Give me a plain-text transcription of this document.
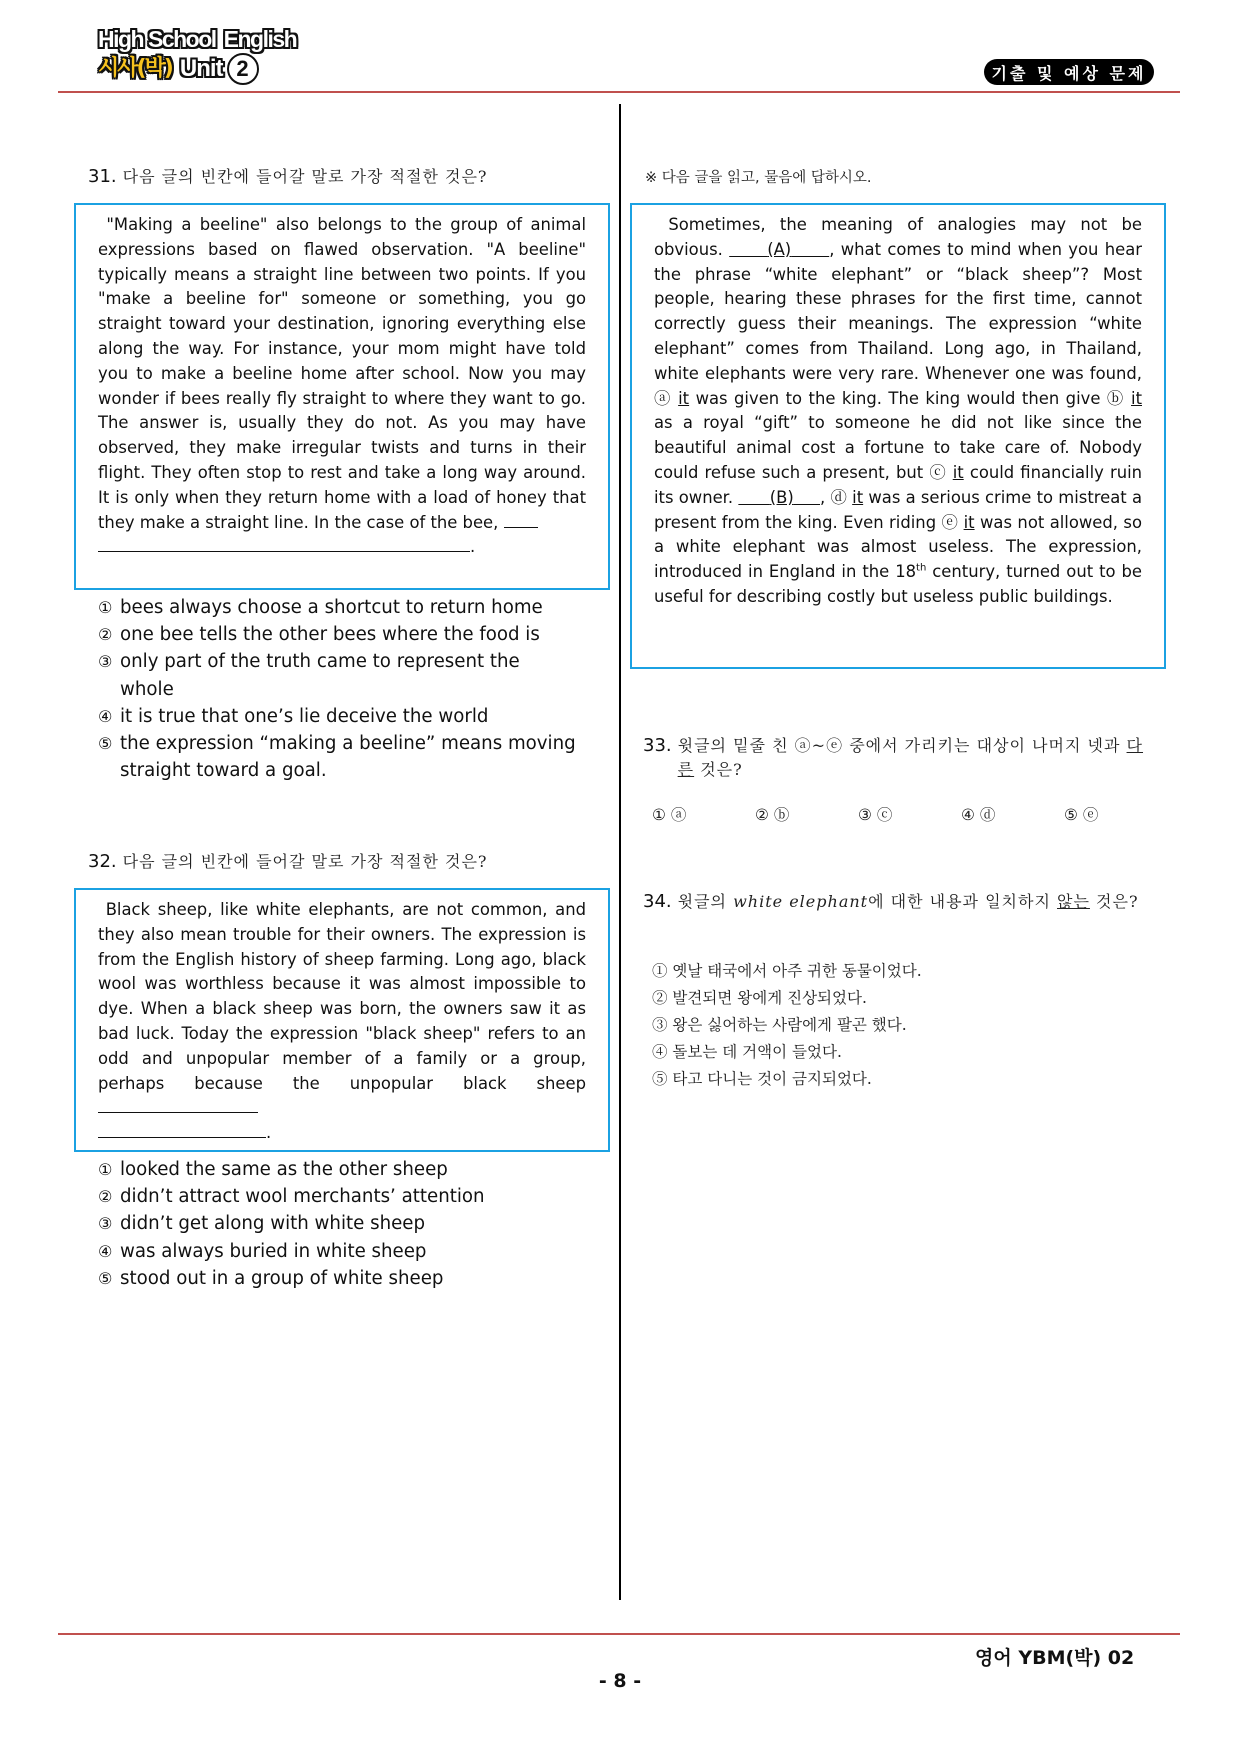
High School English
시사(박) Unit 2	기출 및 예상 문제
31. 다음 글의 빈칸에 들어갈 말로 가장 적절한 것은?

"Making a beeline" also belongs to the group of animal expressions based on flawed observation. "A beeline" typically means a straight line between two points. If you "make a beeline for" someone or something, you go straight toward your destination, ignoring everything else along the way. For instance, your mom might have told you to make a beeline home after school. Now you may wonder if bees really fly straight to where they want to go. The answer is, usually they do not. As you may have observed, they make irregular twists and turns in their flight. They often stop to rest and take a long way around. It is only when they return home with a load of honey that they make a straight line. In the case of the bee,
.

① bees always choose a shortcut to return home
② one bee tells the other bees where the food is
③ only part of the truth came to represent the whole
④ it is true that one’s lie deceive the world
⑤ the expression “making a beeline” means moving straight toward a goal.
32. 다음 글의 빈칸에 들어갈 말로 가장 적절한 것은?

Black sheep, like white elephants, are not common, and they also mean trouble for their owners. The expression is from the English history of sheep farming. Long ago, black wool was worthless because it was almost impossible to dye. When a black sheep was born, the owners saw it as bad luck. Today the expression "black sheep" refers to an odd and unpopular member of a family or a group, perhaps because the unpopular black sheep
.

① looked the same as the other sheep
② didn’t attract wool merchants’ attention
③ didn’t get along with white sheep
④ was always buried in white sheep
⑤ stood out in a group of white sheep
※ 다음 글을 읽고, 물음에 답하시오.

Sometimes, the meaning of analogies may not be obvious.	(A) , what comes to mind when you hear the phrase “white elephant” or “black sheep”? Most people, hearing these phrases for the first time, cannot correctly guess their meanings. The expression “white elephant” comes from Thailand. Long ago, in Thailand, white elephants were very rare. Whenever one was found, ⓐ it was given to the king. The king would then give ⓑ it as a royal “gift” to someone he did not like since the beautiful animal cost a fortune to take care of. Nobody could refuse such a present, but ⓒ it could financially ruin its owner. (B) , ⓓ it was a serious crime to mistreat a present from the king. Even riding ⓔ it was not allowed, so a white elephant was almost useless. The expression, introduced in England in the 18th century, turned out to be useful for describing costly but useless public buildings.

33. 윗글의 밑줄 친 ⓐ~ⓔ 중에서 가리키는 대상이 나머지 넷과 다른 것은?
① ⓐ	② ⓑ	③ ⓒ	④ ⓓ	⑤ ⓔ
34. 윗글의 white elephant에 대한 내용과 일치하지 않는 것은?
① 옛날 태국에서 아주 귀한 동물이었다.
② 발견되면 왕에게 진상되었다.
③ 왕은 싫어하는 사람에게 팔곤 했다.
④ 돌보는 데 거액이 들었다.
⑤ 타고 다니는 것이 금지되었다.
영어 YBM(박) 02
- 8 -
